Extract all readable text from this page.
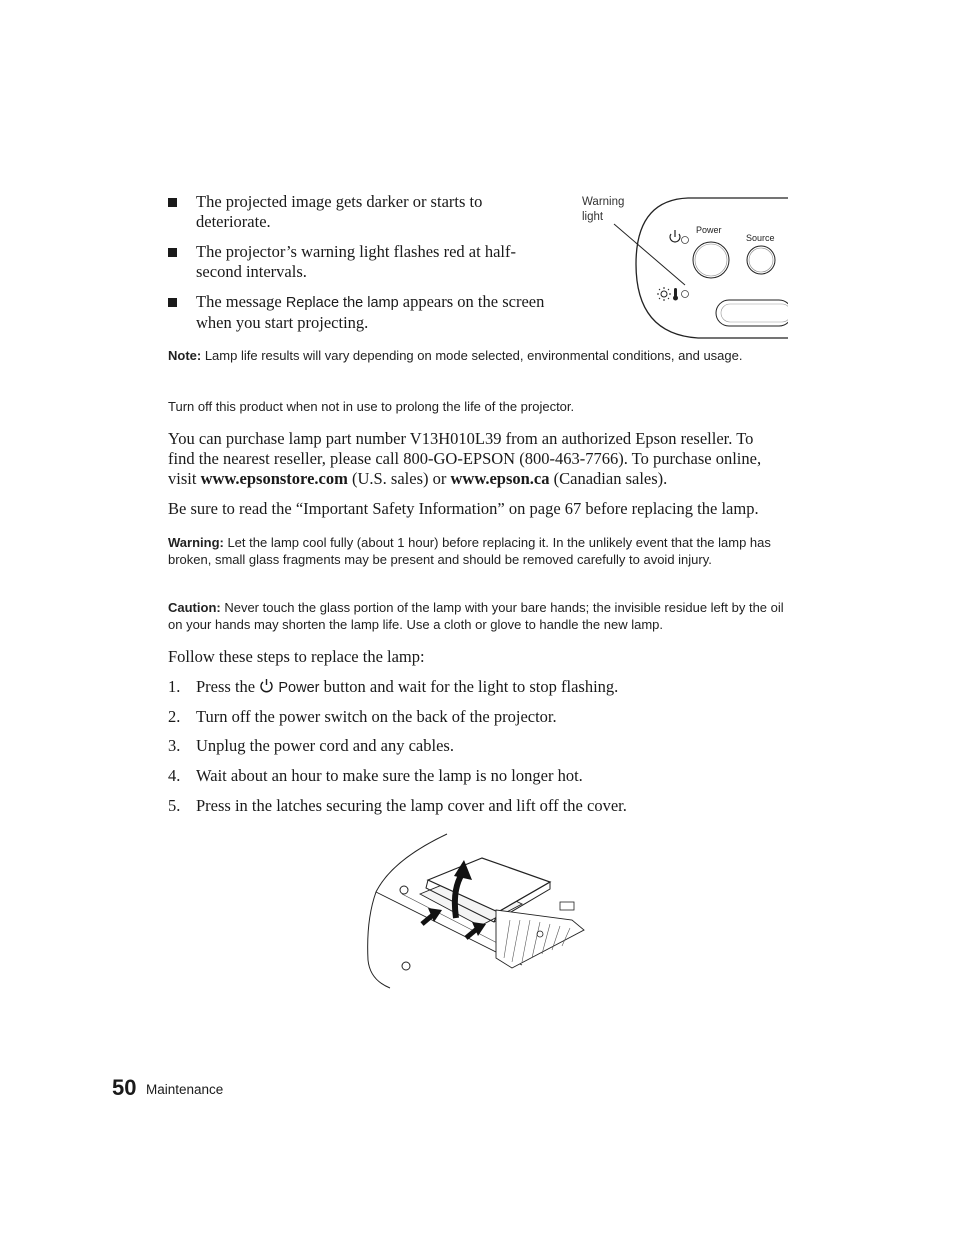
The projected image gets darker or starts to deteriorate.
The projector’s warning light flashes red at half-second intervals.
The message Replace the lamp appears on the screen when you start projecting.
Warning
light
Power
Source
Note: Lamp life results will vary depending on mode selected, environmental conditions, and usage.
Turn off this product when not in use to prolong the life of the projector.
You can purchase lamp part number V13H010L39 from an authorized Epson reseller. To find the nearest reseller, please call 800-GO-EPSON (800-463-7766). To purchase online, visit www.epsonstore.com (U.S. sales) or www.epson.ca (Canadian sales).
Be sure to read the “Important Safety Information” on page 67 before replacing the lamp.
Warning: Let the lamp cool fully (about 1 hour) before replacing it. In the unlikely event that the lamp has broken, small glass fragments may be present and should be removed carefully to avoid injury.
Caution: Never touch the glass portion of the lamp with your bare hands; the invisible residue left by the oil on your hands may shorten the lamp life. Use a cloth or glove to handle the new lamp.
Follow these steps to replace the lamp:
1. Press the  Power button and wait for the light to stop flashing.
2. Turn off the power switch on the back of the projector.
3. Unplug the power cord and any cables.
4. Wait about an hour to make sure the lamp is no longer hot.
5. Press in the latches securing the lamp cover and lift off the cover.
50 Maintenance
